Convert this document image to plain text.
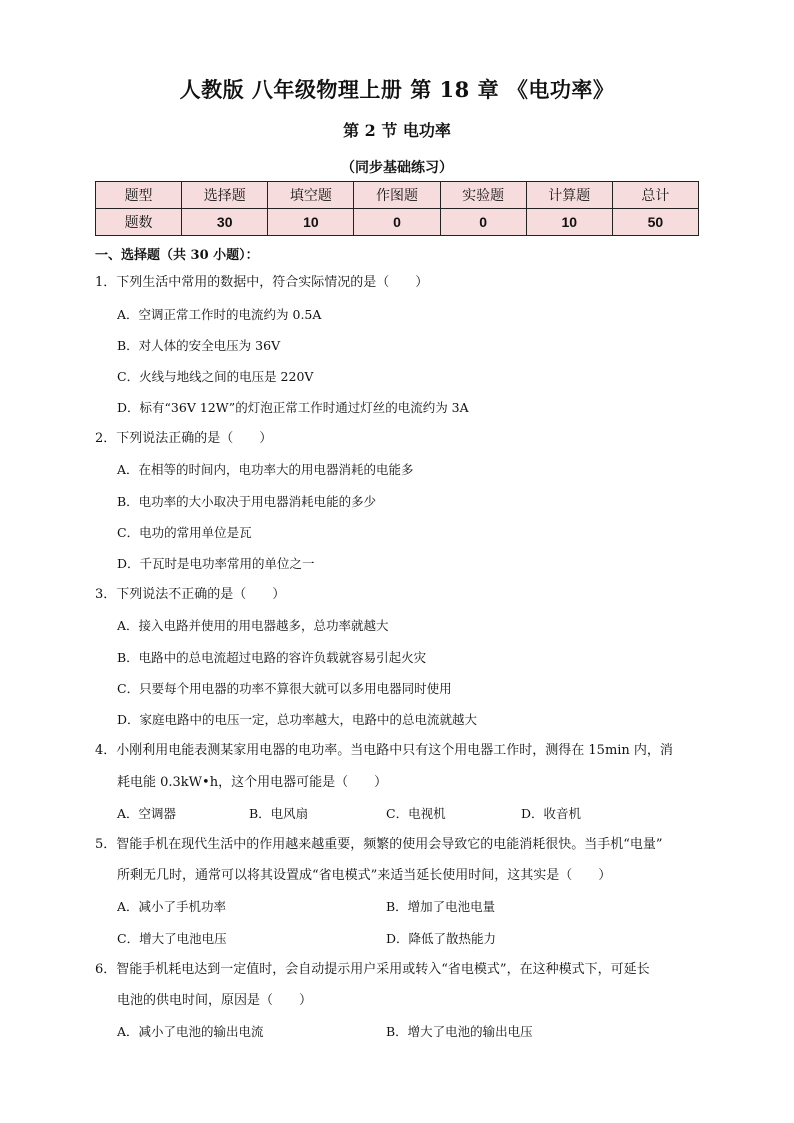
人教版 八年级物理上册 第 18 章 《电功率》
第 2 节 电功率
（同步基础练习）
题型	选择题	填空题	作图题	实验题	计算题	总计
题数	30	10	0	0	10	50
一、选择题（共 30 小题）：
1．下列生活中常用的数据中，符合实际情况的是（　　）
A．空调正常工作时的电流约为 0.5A
B．对人体的安全电压为 36V
C．火线与地线之间的电压是 220V
D．标有“36V 12W”的灯泡正常工作时通过灯丝的电流约为 3A
2．下列说法正确的是（　　）
A．在相等的时间内，电功率大的用电器消耗的电能多
B．电功率的大小取决于用电器消耗电能的多少
C．电功的常用单位是瓦
D．千瓦时是电功率常用的单位之一
3．下列说法不正确的是（　　）
A．接入电路并使用的用电器越多，总功率就越大
B．电路中的总电流超过电路的容许负载就容易引起火灾
C．只要每个用电器的功率不算很大就可以多用电器同时使用
D．家庭电路中的电压一定，总功率越大，电路中的总电流就越大
4．小刚利用电能表测某家用电器的电功率。当电路中只有这个用电器工作时，测得在 15min 内，消
耗电能 0.3kW•h，这个用电器可能是（　　）
A．空调器	B．电风扇	C．电视机	D．收音机
5．智能手机在现代生活中的作用越来越重要，频繁的使用会导致它的电能消耗很快。当手机“电量”
所剩无几时，通常可以将其设置成“省电模式”来适当延长使用时间，这其实是（　　）
A．减小了手机功率	B．增加了电池电量
C．增大了电池电压	D．降低了散热能力
6．智能手机耗电达到一定值时，会自动提示用户采用或转入“省电模式”，在这种模式下，可延长
电池的供电时间，原因是（　　）
A．减小了电池的输出电流	B．增大了电池的输出电压
